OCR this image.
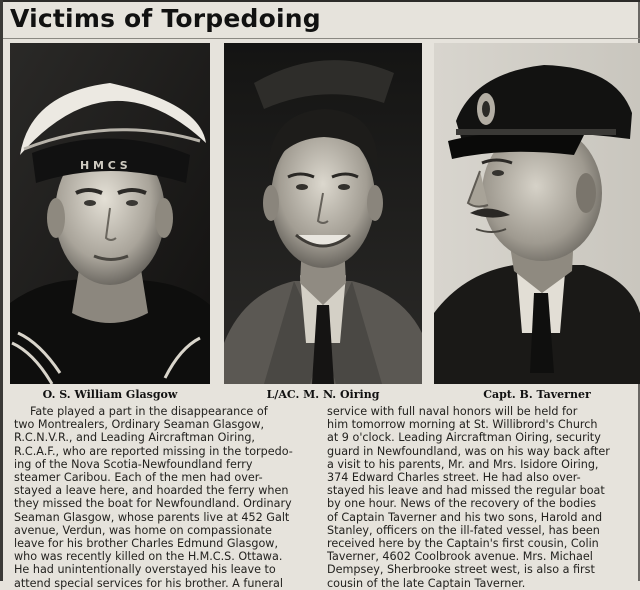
Victims of Torpedoing
H M C S
O. S. William Glasgow	L/AC. M. N. Oiring	Capt. B. Taverner
Fate played a part in the disappearance of
two Montrealers, Ordinary Seaman Glasgow,
R.C.N.V.R., and Leading Aircraftman Oiring,
R.C.A.F., who are reported missing in the torpedo-
ing of the Nova Scotia-Newfoundland ferry
steamer Caribou. Each of the men had over-
stayed a leave here, and hoarded the ferry when
they missed the boat for Newfoundland. Ordinary
Seaman Glasgow, whose parents live at 452 Galt
avenue, Verdun, was home on compassionate
leave for his brother Charles Edmund Glasgow,
who was recently killed on the H.M.C.S. Ottawa.
He had unintentionally overstayed his leave to
attend special services for his brother. A funeral
service with full naval honors will be held for
him tomorrow morning at St. Willibrord's Church
at 9 o'clock. Leading Aircraftman Oiring, security
guard in Newfoundland, was on his way back after
a visit to his parents, Mr. and Mrs. Isidore Oiring,
374 Edward Charles street. He had also over-
stayed his leave and had missed the regular boat
by one hour. News of the recovery of the bodies
of Captain Taverner and his two sons, Harold and
Stanley, officers on the ill-fated vessel, has been
received here by the Captain's first cousin, Colin
Taverner, 4602 Coolbrook avenue. Mrs. Michael
Dempsey, Sherbrooke street west, is also a first
cousin of the late Captain Taverner.
